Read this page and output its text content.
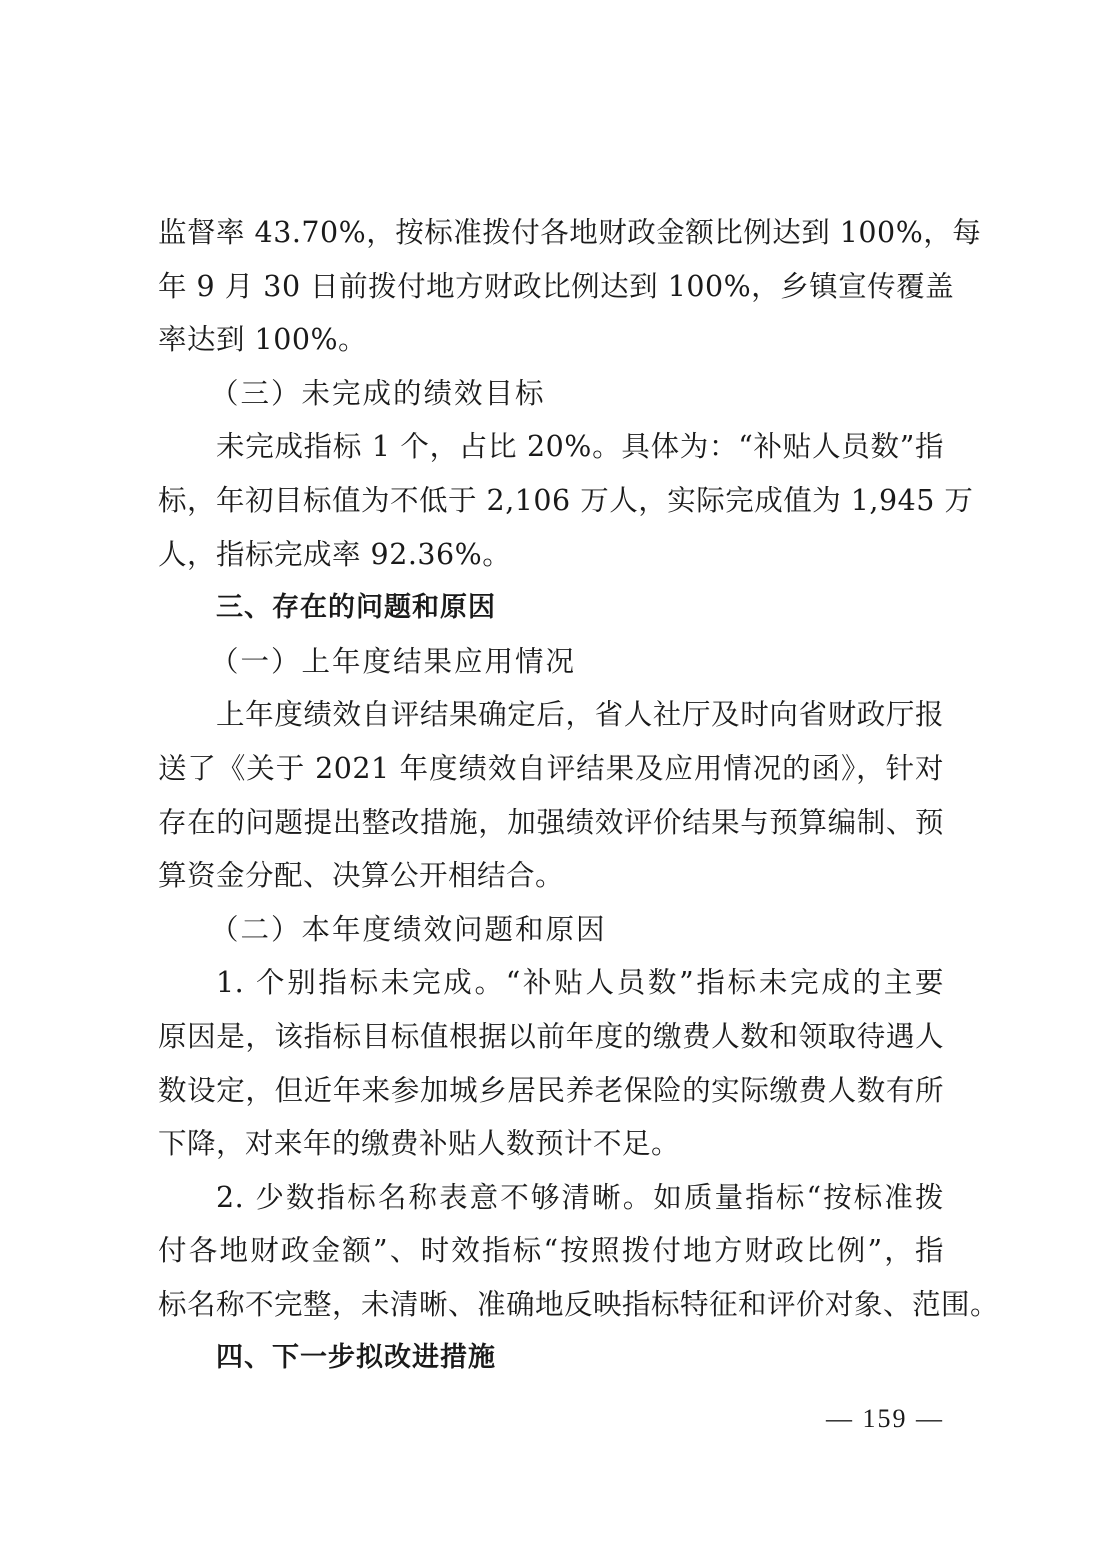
监督率 43.70%，按标准拨付各地财政金额比例达到 100%，每
年 9 月 30 日前拨付地方财政比例达到 100%，乡镇宣传覆盖
率达到 100%。
（三）未完成的绩效目标
未完成指标 1 个，占比 20%。具体为：“补贴人员数”指
标，年初目标值为不低于 2,106 万人，实际完成值为 1,945 万
人，指标完成率 92.36%。
三、存在的问题和原因
（一）上年度结果应用情况
上年度绩效自评结果确定后，省人社厅及时向省财政厅报
送了《关于 2021 年度绩效自评结果及应用情况的函》，针对
存在的问题提出整改措施，加强绩效评价结果与预算编制、预
算资金分配、决算公开相结合。
（二）本年度绩效问题和原因
1. 个别指标未完成。“补贴人员数”指标未完成的主要
原因是，该指标目标值根据以前年度的缴费人数和领取待遇人
数设定，但近年来参加城乡居民养老保险的实际缴费人数有所
下降，对来年的缴费补贴人数预计不足。
2. 少数指标名称表意不够清晰。如质量指标“按标准拨
付各地财政金额”、时效指标“按照拨付地方财政比例”，指
标名称不完整，未清晰、准确地反映指标特征和评价对象、范围。
四、下一步拟改进措施
— 159 —
